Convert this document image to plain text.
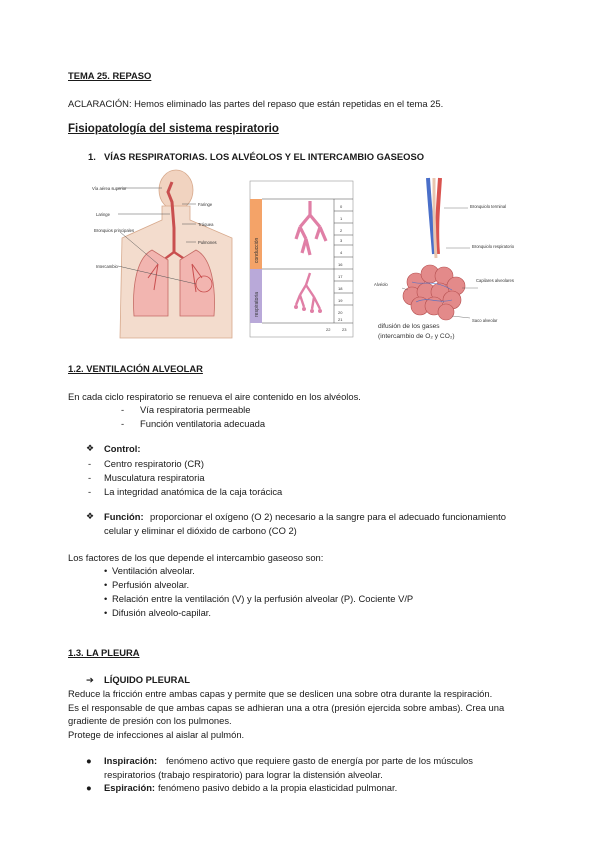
TEMA 25. REPASO
ACLARACIÓN: Hemos eliminado las partes del repaso que están repetidas en el tema 25.
Fisiopatología del sistema respiratorio
1. VÍAS RESPIRATORIAS. LOS ALVÉOLOS Y EL INTERCAMBIO GASEOSO
Vía aérea superior
Faringe
Laringe
Tráquea
Bronquios principales
Pulmones
Intercambio
conducción
respiratoria
0
1
2
3
4
16
17
18
19
20
21
22	23
Bronquiolo terminal
Bronquiolo respiratorio
Capilares alveolares
Alvéolo
Saco alveolar
difusión de los gases
(intercambio de O₂ y CO₂)
1.2. VENTILACIÓN ALVEOLAR
En cada ciclo respiratorio se renueva el aire contenido en los alvéolos.
- Vía respiratoria permeable
- Función ventilatoria adecuada
❖ Control:
- Centro respiratorio (CR)
- Musculatura respiratoria
- La integridad anatómica de la caja torácica
❖ Función: proporcionar el oxígeno (O 2) necesario a la sangre para el adecuado funcionamiento
celular y eliminar el dióxido de carbono (CO 2)
Los factores de los que depende el intercambio gaseoso son:
• Ventilación alveolar.
• Perfusión alveolar.
• Relación entre la ventilación (V) y la perfusión alveolar (P). Cociente V/P
• Difusión alveolo-capilar.
1.3. LA PLEURA
➔ LÍQUIDO PLEURAL
Reduce la fricción entre ambas capas y permite que se deslicen una sobre otra durante la respiración.
Es el responsable de que ambas capas se adhieran una a otra (presión ejercida sobre ambas). Crea una
gradiente de presión con los pulmones.
Protege de infecciones al aislar al pulmón.
● Inspiración: fenómeno activo que requiere gasto de energía por parte de los músculos
respiratorios (trabajo respiratorio) para lograr la distensión alveolar.
● Espiración: fenómeno pasivo debido a la propia elasticidad pulmonar.
